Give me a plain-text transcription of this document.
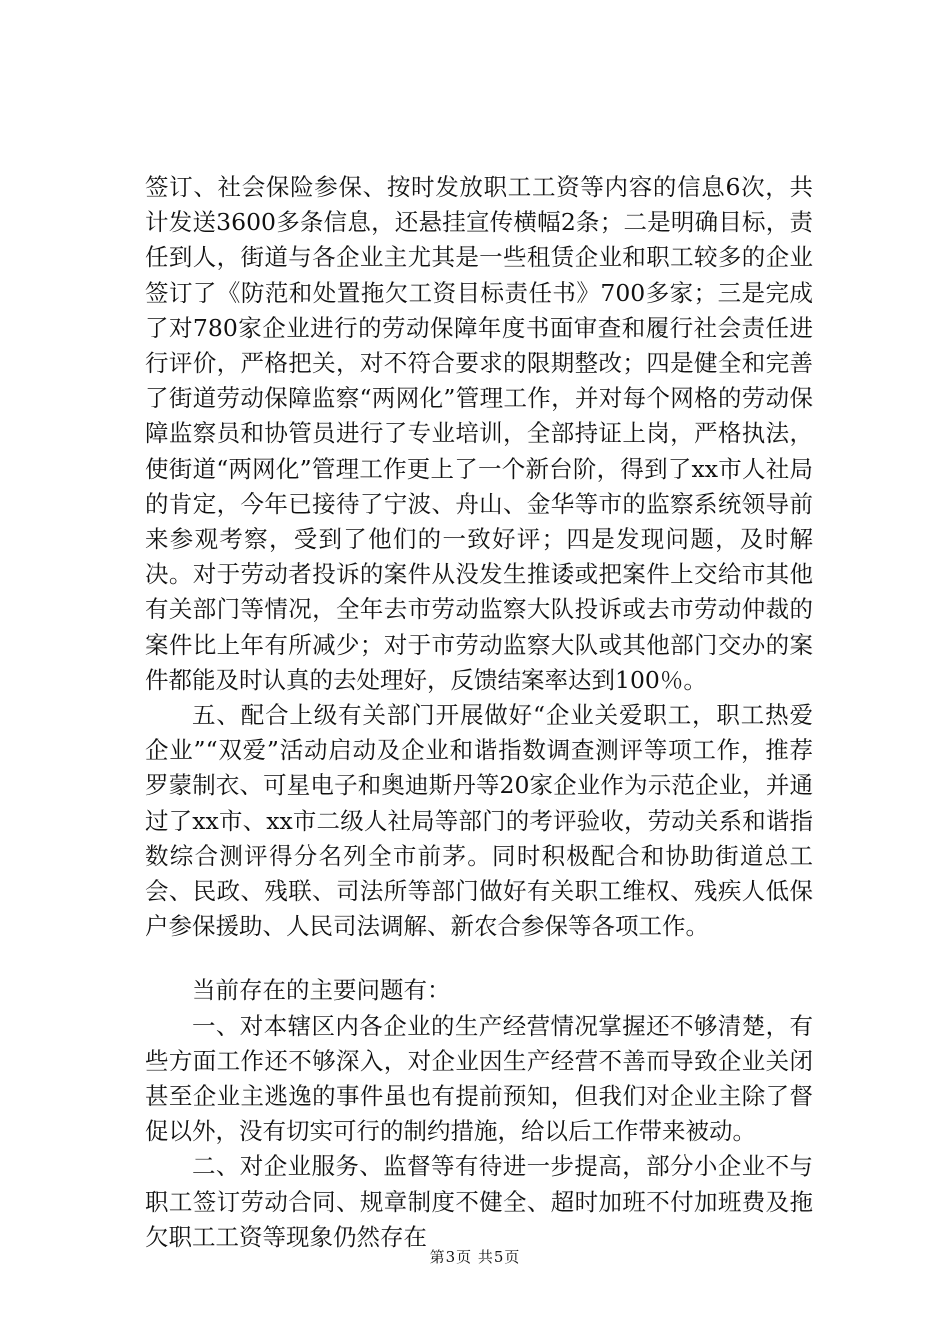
签订、社会保险参保、按时发放职工工资等内容的信息6次，共计发送3600多条信息，还悬挂宣传横幅2条；二是明确目标，责任到人，街道与各企业主尤其是一些租赁企业和职工较多的企业签订了《防范和处置拖欠工资目标责任书》700多家；三是完成了对780家企业进行的劳动保障年度书面审查和履行社会责任进行评价，严格把关，对不符合要求的限期整改；四是健全和完善了街道劳动保障监察“两网化”管理工作，并对每个网格的劳动保障监察员和协管员进行了专业培训，全部持证上岗，严格执法，使街道“两网化”管理工作更上了一个新台阶，得到了xx市人社局的肯定，今年已接待了宁波、舟山、金华等市的监察系统领导前来参观考察，受到了他们的一致好评；四是发现问题，及时解决。对于劳动者投诉的案件从没发生推诿或把案件上交给市其他有关部门等情况，全年去市劳动监察大队投诉或去市劳动仲裁的案件比上年有所减少；对于市劳动监察大队或其他部门交办的案件都能及时认真的去处理好，反馈结案率达到100％。

五、配合上级有关部门开展做好“企业关爱职工，职工热爱企业”“双爱”活动启动及企业和谐指数调查测评等项工作，推荐罗蒙制衣、可星电子和奥迪斯丹等20家企业作为示范企业，并通过了xx市、xx市二级人社局等部门的考评验收，劳动关系和谐指数综合测评得分名列全市前茅。同时积极配合和协助街道总工会、民政、残联、司法所等部门做好有关职工维权、残疾人低保户参保援助、人民司法调解、新农合参保等各项工作。

当前存在的主要问题有：

一、对本辖区内各企业的生产经营情况掌握还不够清楚，有些方面工作还不够深入，对企业因生产经营不善而导致企业关闭甚至企业主逃逸的事件虽也有提前预知，但我们对企业主除了督促以外，没有切实可行的制约措施，给以后工作带来被动。

二、对企业服务、监督等有待进一步提高，部分小企业不与职工签订劳动合同、规章制度不健全、超时加班不付加班费及拖欠职工工资等现象仍然存在

第3页 共5页
